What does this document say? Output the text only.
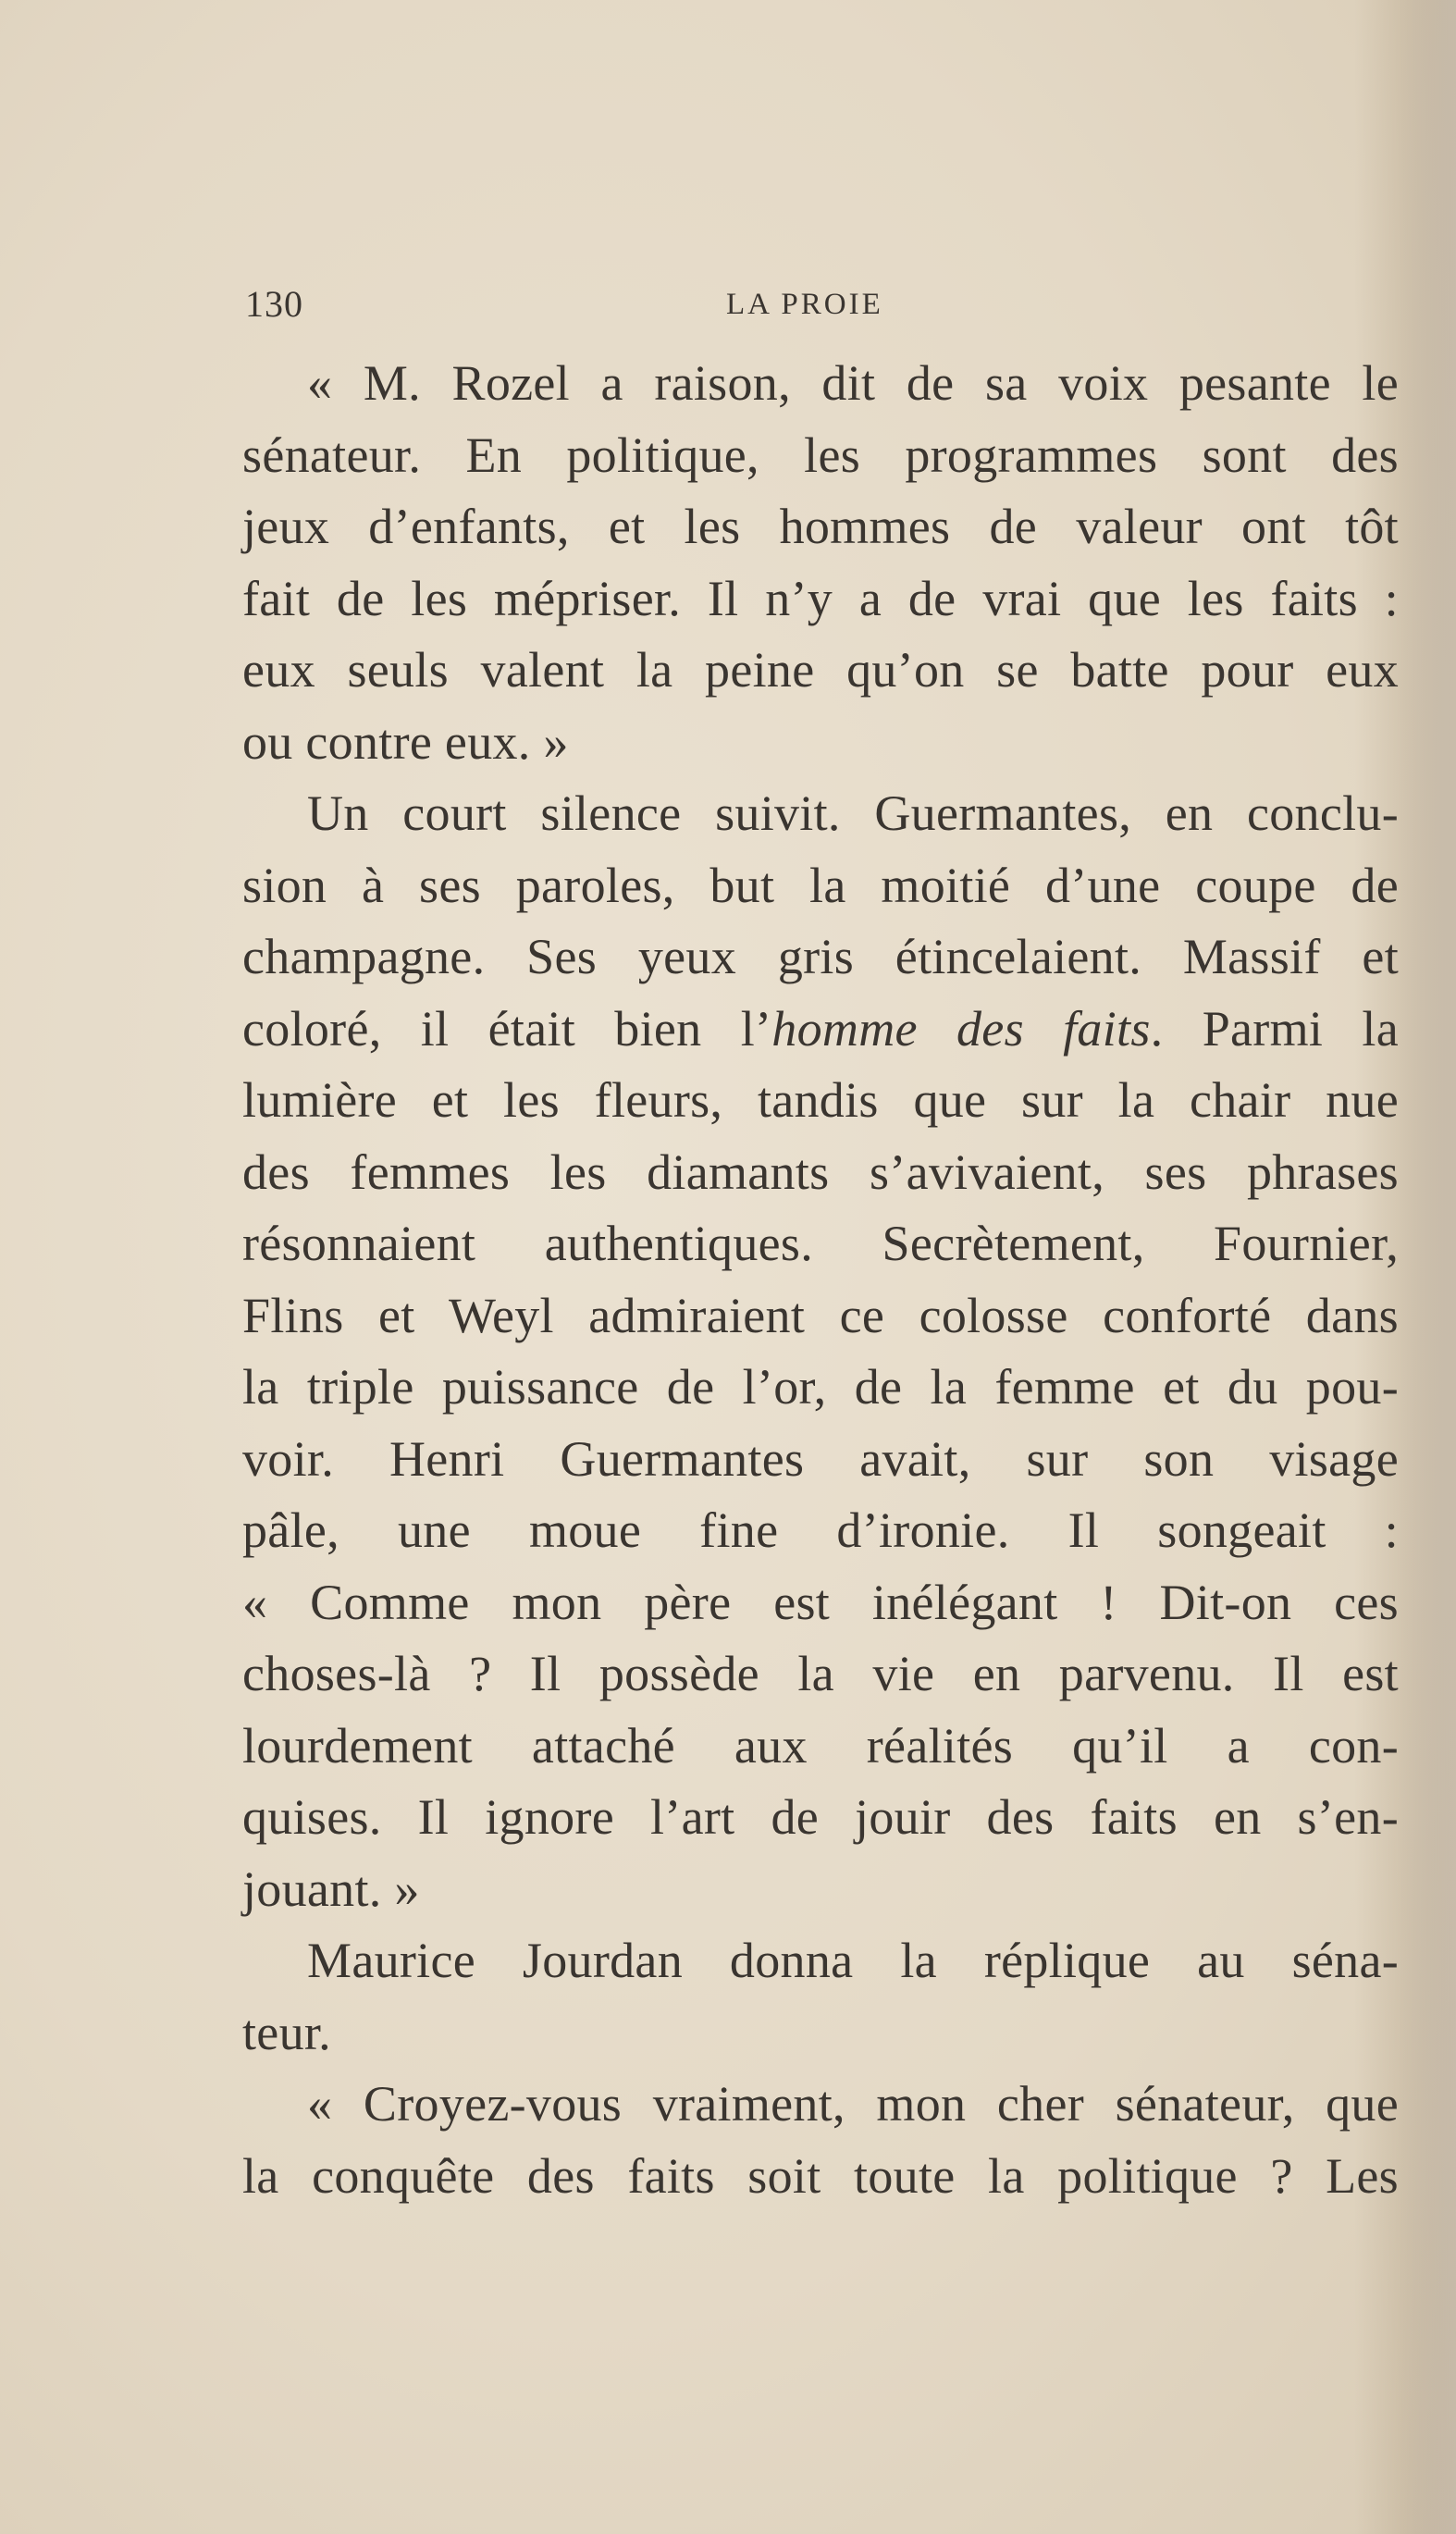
130	LA PROIE
« M. Rozel a raison, dit de sa voix pesante le
sénateur. En politique, les programmes sont des
jeux d’enfants, et les hommes de valeur ont tôt
fait de les mépriser. Il n’y a de vrai que les faits :
eux seuls valent la peine qu’on se batte pour eux
ou contre eux. »
Un court silence suivit. Guermantes, en conclu-
sion à ses paroles, but la moitié d’une coupe de
champagne. Ses yeux gris étincelaient. Massif et
coloré, il était bien l’homme des faits. Parmi la
lumière et les fleurs, tandis que sur la chair nue
des femmes les diamants s’avivaient, ses phrases
résonnaient authentiques. Secrètement, Fournier,
Flins et Weyl admiraient ce colosse conforté dans
la triple puissance de l’or, de la femme et du pou-
voir. Henri Guermantes avait, sur son visage
pâle, une moue fine d’ironie. Il songeait :
« Comme mon père est inélégant ! Dit-on ces
choses-là ? Il possède la vie en parvenu. Il est
lourdement attaché aux réalités qu’il a con-
quises. Il ignore l’art de jouir des faits en s’en-
jouant. »
Maurice Jourdan donna la réplique au séna-
teur.
« Croyez-vous vraiment, mon cher sénateur, que
la conquête des faits soit toute la politique ? Les
